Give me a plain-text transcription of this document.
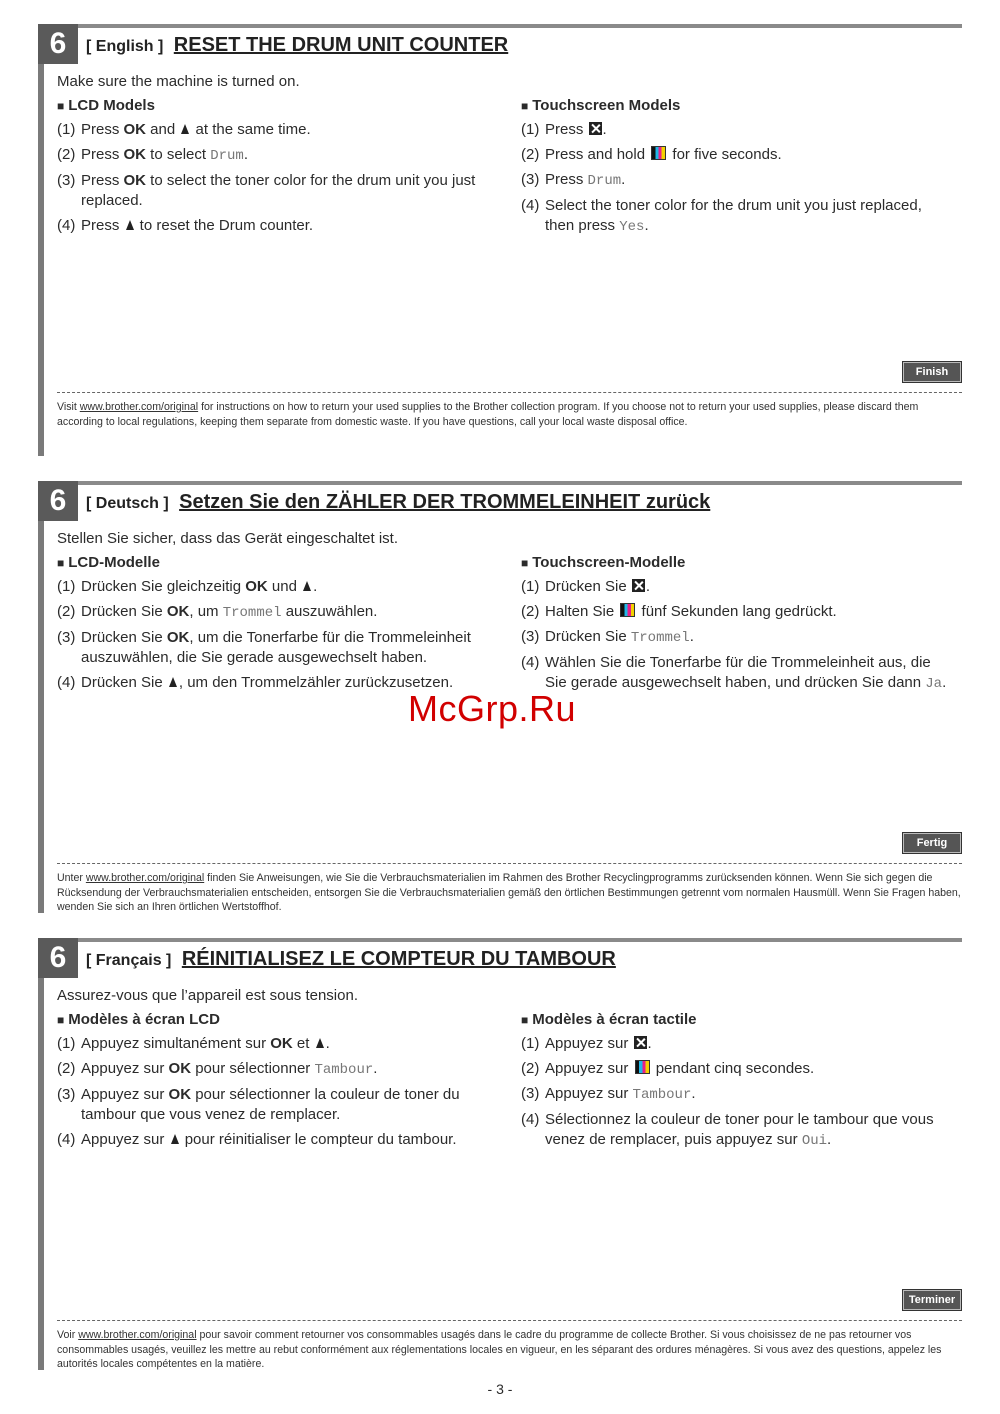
6	[ English ] RESET THE DRUM UNIT COUNTER
Make sure the machine is turned on.
■ LCD Models
(1) Press OK and  at the same time.
(2) Press OK to select Drum.
(3) Press OK to select the toner color for the drum unit you just replaced.
(4) Press  to reset the Drum counter.
■ Touchscreen Models
(1) Press .
(2) Press and hold  for five seconds.
(3) Press Drum.
(4) Select the toner color for the drum unit you just replaced, then press Yes.
Finish
Visit www.brother.com/original for instructions on how to return your used supplies to the Brother collection program. If you choose not to return your used supplies, please discard them according to local regulations, keeping them separate from domestic waste. If you have questions, call your local waste disposal office.
6	[ Deutsch ] Setzen Sie den ZÄHLER DER TROMMELEINHEIT zurück
Stellen Sie sicher, dass das Gerät eingeschaltet ist.
■ LCD-Modelle
(1) Drücken Sie gleichzeitig OK und .
(2) Drücken Sie OK, um Trommel auszuwählen.
(3) Drücken Sie OK, um die Tonerfarbe für die Trommeleinheit auszuwählen, die Sie gerade ausgewechselt haben.
(4) Drücken Sie , um den Trommelzähler zurückzusetzen.
■ Touchscreen-Modelle
(1) Drücken Sie .
(2) Halten Sie  fünf Sekunden lang gedrückt.
(3) Drücken Sie Trommel.
(4) Wählen Sie die Tonerfarbe für die Trommeleinheit aus, die Sie gerade ausgewechselt haben, und drücken Sie dann Ja.
Fertig
Unter www.brother.com/original finden Sie Anweisungen, wie Sie die Verbrauchsmaterialien im Rahmen des Brother Recyclingprogramms zurücksenden können. Wenn Sie sich gegen die Rücksendung der Verbrauchsmaterialien entscheiden, entsorgen Sie die Verbrauchsmaterialien gemäß den örtlichen Bestimmungen getrennt vom normalen Hausmüll. Wenn Sie Fragen haben, wenden Sie sich an Ihren örtlichen Wertstoffhof.
6	[ Français ] RÉINITIALISEZ LE COMPTEUR DU TAMBOUR
Assurez-vous que l’appareil est sous tension.
■ Modèles à écran LCD
(1) Appuyez simultanément sur OK et .
(2) Appuyez sur OK pour sélectionner Tambour.
(3) Appuyez sur OK pour sélectionner la couleur de toner du tambour que vous venez de remplacer.
(4) Appuyez sur  pour réinitialiser le compteur du tambour.
■ Modèles à écran tactile
(1) Appuyez sur .
(2) Appuyez sur  pendant cinq secondes.
(3) Appuyez sur Tambour.
(4) Sélectionnez la couleur de toner pour le tambour que vous venez de remplacer, puis appuyez sur Oui.
Terminer
Voir www.brother.com/original pour savoir comment retourner vos consommables usagés dans le cadre du programme de collecte Brother. Si vous choisissez de ne pas retourner vos consommables usagés, veuillez les mettre au rebut conformément aux réglementations locales en vigueur, en les séparant des ordures ménagères. Si vous avez des questions, appelez les autorités locales compétentes en la matière.
McGrp.Ru
- 3 -
